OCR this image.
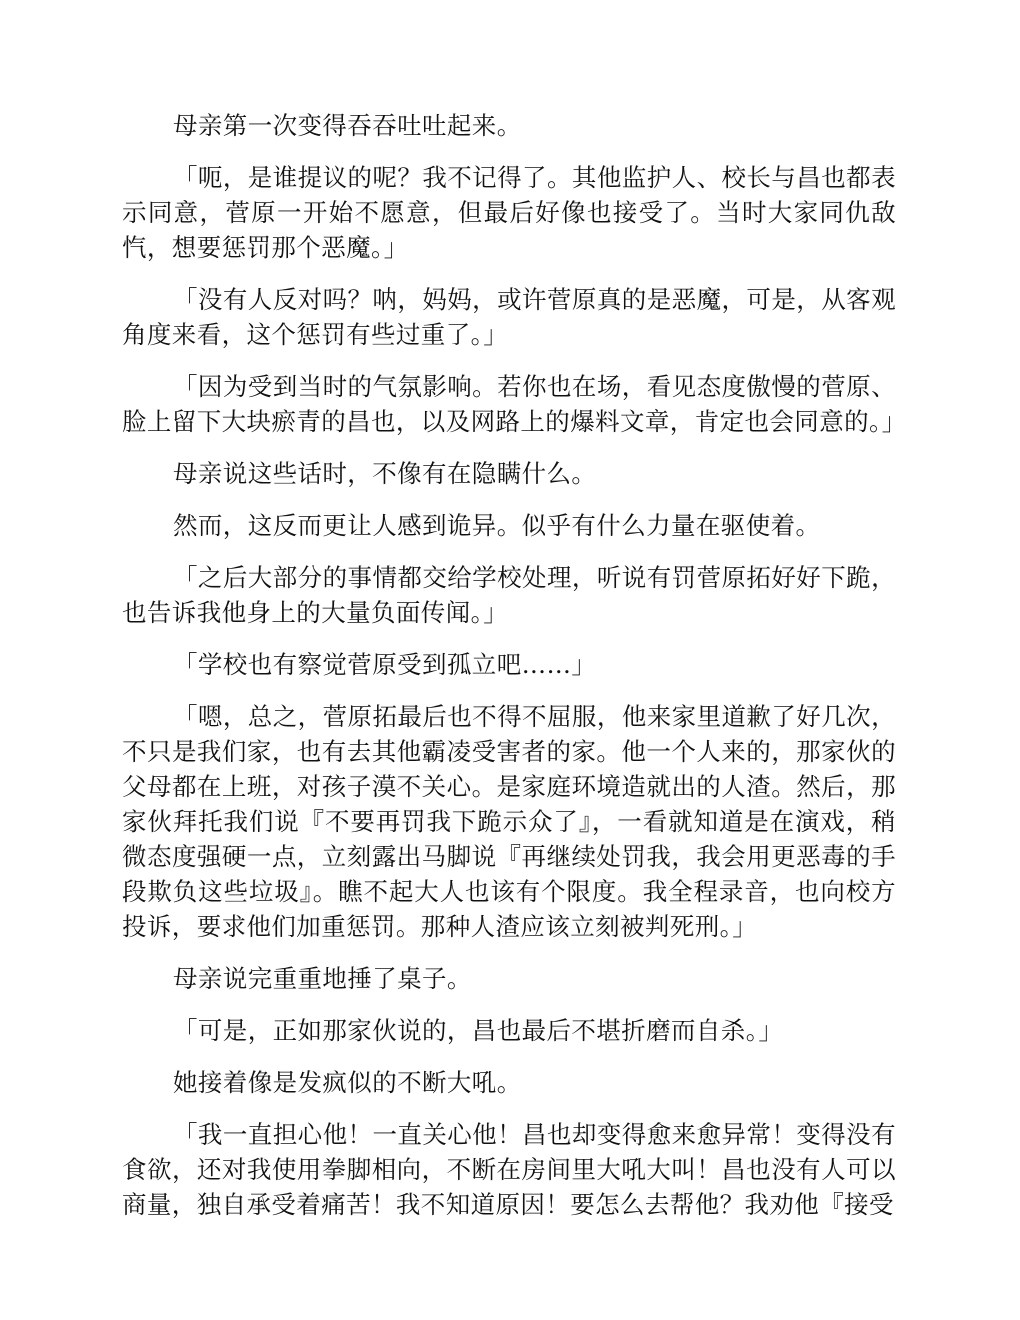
母亲第一次变得吞吞吐吐起来。

「呃，是谁提议的呢？我不记得了。其他监护人、校长与昌也都表示同意，菅原一开始不愿意，但最后好像也接受了。当时大家同仇敌忾，想要惩罚那个恶魔。」

「没有人反对吗？呐，妈妈，或许菅原真的是恶魔，可是，从客观角度来看，这个惩罚有些过重了。」

「因为受到当时的气氛影响。若你也在场，看见态度傲慢的菅原、脸上留下大块瘀青的昌也，以及网路上的爆料文章，肯定也会同意的。」

母亲说这些话时，不像有在隐瞒什么。

然而，这反而更让人感到诡异。似乎有什么力量在驱使着。

「之后大部分的事情都交给学校处理，听说有罚菅原拓好好下跪，也告诉我他身上的大量负面传闻。」

「学校也有察觉菅原受到孤立吧……」

「嗯，总之，菅原拓最后也不得不屈服，他来家里道歉了好几次，不只是我们家，也有去其他霸凌受害者的家。他一个人来的，那家伙的父母都在上班，对孩子漠不关心。是家庭环境造就出的人渣。然后，那家伙拜托我们说『不要再罚我下跪示众了』，一看就知道是在演戏，稍微态度强硬一点，立刻露出马脚说『再继续处罚我，我会用更恶毒的手段欺负这些垃圾』。瞧不起大人也该有个限度。我全程录音，也向校方投诉，要求他们加重惩罚。那种人渣应该立刻被判死刑。」

母亲说完重重地捶了桌子。

「可是，正如那家伙说的，昌也最后不堪折磨而自杀。」

她接着像是发疯似的不断大吼。

「我一直担心他！一直关心他！昌也却变得愈来愈异常！变得没有食欲，还对我使用拳脚相向，不断在房间里大吼大叫！昌也没有人可以商量，独自承受着痛苦！我不知道原因！要怎么去帮他？我劝他『接受
